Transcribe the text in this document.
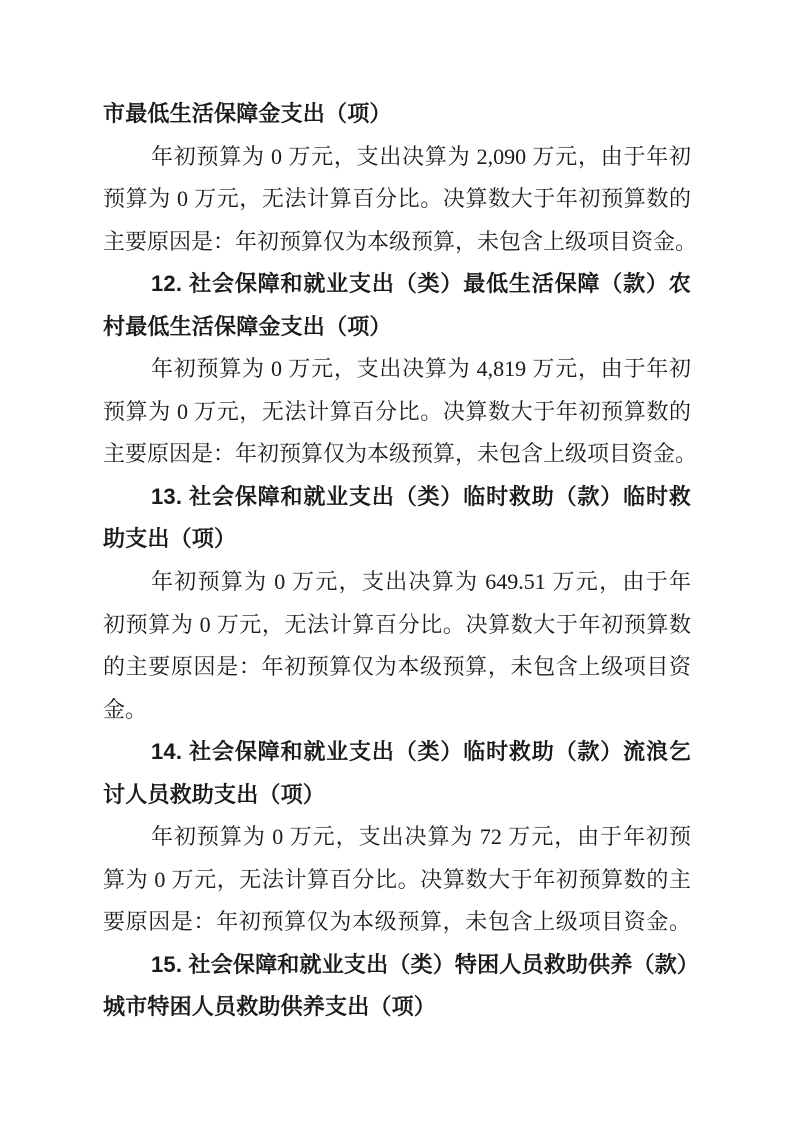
市最低生活保障金支出（项）
年初预算为 0 万元，支出决算为 2,090 万元，由于年初
预算为 0 万元，无法计算百分比。决算数大于年初预算数的
主要原因是：年初预算仅为本级预算，未包含上级项目资金。
12. 社会保障和就业支出（类）最低生活保障（款）农
村最低生活保障金支出（项）
年初预算为 0 万元，支出决算为 4,819 万元，由于年初
预算为 0 万元，无法计算百分比。决算数大于年初预算数的
主要原因是：年初预算仅为本级预算，未包含上级项目资金。
13. 社会保障和就业支出（类）临时救助（款）临时救
助支出（项）
年初预算为 0 万元，支出决算为 649.51 万元，由于年
初预算为 0 万元，无法计算百分比。决算数大于年初预算数
的主要原因是：年初预算仅为本级预算，未包含上级项目资
金。
14. 社会保障和就业支出（类）临时救助（款）流浪乞
讨人员救助支出（项）
年初预算为 0 万元，支出决算为 72 万元，由于年初预
算为 0 万元，无法计算百分比。决算数大于年初预算数的主
要原因是：年初预算仅为本级预算，未包含上级项目资金。
15. 社会保障和就业支出（类）特困人员救助供养（款）
城市特困人员救助供养支出（项）
